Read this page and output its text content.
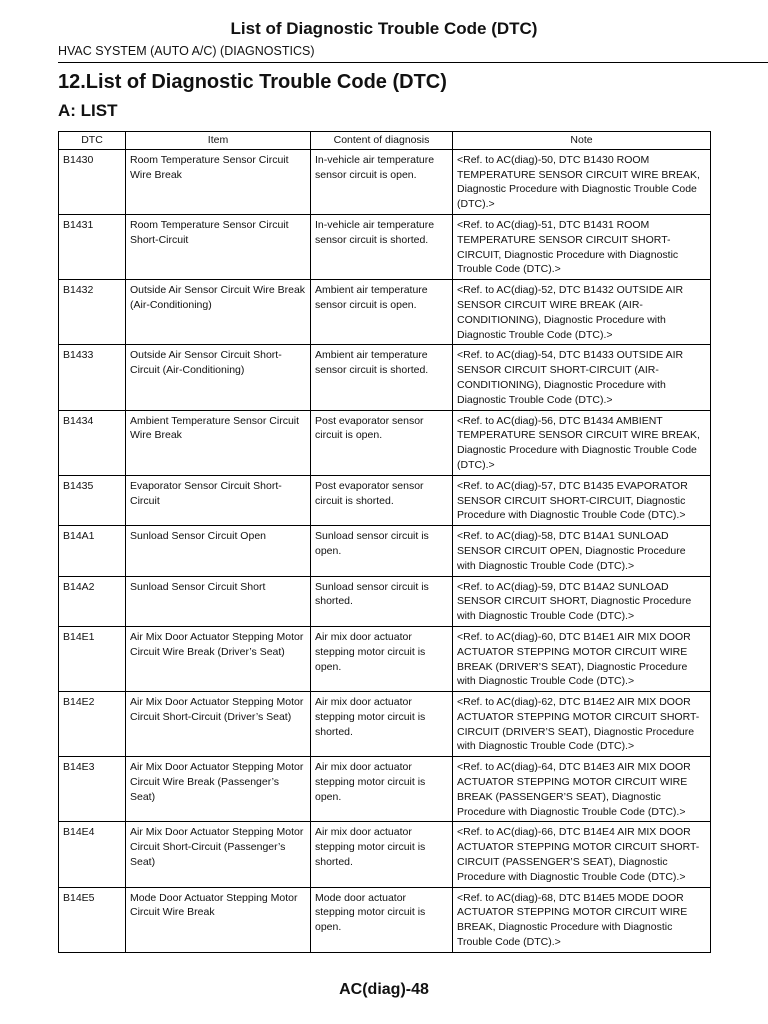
List of Diagnostic Trouble Code (DTC)
HVAC SYSTEM (AUTO A/C) (DIAGNOSTICS)
12.List of Diagnostic Trouble Code (DTC)
A: LIST
DTC	Item	Content of diagnosis	Note
B1430	Room Temperature Sensor Circuit Wire Break	In-vehicle air temperature sensor circuit is open.	<Ref. to AC(diag)-50, DTC B1430 ROOM TEMPERATURE SENSOR CIRCUIT WIRE BREAK, Diagnostic Procedure with Diagnostic Trouble Code (DTC).>
B1431	Room Temperature Sensor Circuit Short-Circuit	In-vehicle air temperature sensor circuit is shorted.	<Ref. to AC(diag)-51, DTC B1431 ROOM TEMPERATURE SENSOR CIRCUIT SHORT-CIRCUIT, Diagnostic Procedure with Diagnostic Trouble Code (DTC).>
B1432	Outside Air Sensor Circuit Wire Break (Air-Conditioning)	Ambient air temperature sensor circuit is open.	<Ref. to AC(diag)-52, DTC B1432 OUTSIDE AIR SENSOR CIRCUIT WIRE BREAK (AIR-CONDITIONING), Diagnostic Procedure with Diagnostic Trouble Code (DTC).>
B1433	Outside Air Sensor Circuit Short-Circuit (Air-Conditioning)	Ambient air temperature sensor circuit is shorted.	<Ref. to AC(diag)-54, DTC B1433 OUTSIDE AIR SENSOR CIRCUIT SHORT-CIRCUIT (AIR-CONDITIONING), Diagnostic Procedure with Diagnostic Trouble Code (DTC).>
B1434	Ambient Temperature Sensor Circuit Wire Break	Post evaporator sensor circuit is open.	<Ref. to AC(diag)-56, DTC B1434 AMBIENT TEMPERATURE SENSOR CIRCUIT WIRE BREAK, Diagnostic Procedure with Diagnostic Trouble Code (DTC).>
B1435	Evaporator Sensor Circuit Short-Circuit	Post evaporator sensor circuit is shorted.	<Ref. to AC(diag)-57, DTC B1435 EVAPORATOR SENSOR CIRCUIT SHORT-CIRCUIT, Diagnostic Procedure with Diagnostic Trouble Code (DTC).>
B14A1	Sunload Sensor Circuit Open	Sunload sensor circuit is open.	<Ref. to AC(diag)-58, DTC B14A1 SUNLOAD SENSOR CIRCUIT OPEN, Diagnostic Procedure with Diagnostic Trouble Code (DTC).>
B14A2	Sunload Sensor Circuit Short	Sunload sensor circuit is shorted.	<Ref. to AC(diag)-59, DTC B14A2 SUNLOAD SENSOR CIRCUIT SHORT, Diagnostic Procedure with Diagnostic Trouble Code (DTC).>
B14E1	Air Mix Door Actuator Stepping Motor Circuit Wire Break (Driver’s Seat)	Air mix door actuator stepping motor circuit is open.	<Ref. to AC(diag)-60, DTC B14E1 AIR MIX DOOR ACTUATOR STEPPING MOTOR CIRCUIT WIRE BREAK (DRIVER’S SEAT), Diagnostic Procedure with Diagnostic Trouble Code (DTC).>
B14E2	Air Mix Door Actuator Stepping Motor Circuit Short-Circuit (Driver’s Seat)	Air mix door actuator stepping motor circuit is shorted.	<Ref. to AC(diag)-62, DTC B14E2 AIR MIX DOOR ACTUATOR STEPPING MOTOR CIRCUIT SHORT-CIRCUIT (DRIVER’S SEAT), Diagnostic Procedure with Diagnostic Trouble Code (DTC).>
B14E3	Air Mix Door Actuator Stepping Motor Circuit Wire Break (Passenger’s Seat)	Air mix door actuator stepping motor circuit is open.	<Ref. to AC(diag)-64, DTC B14E3 AIR MIX DOOR ACTUATOR STEPPING MOTOR CIRCUIT WIRE BREAK (PASSENGER’S SEAT), Diagnostic Procedure with Diagnostic Trouble Code (DTC).>
B14E4	Air Mix Door Actuator Stepping Motor Circuit Short-Circuit (Passenger’s Seat)	Air mix door actuator stepping motor circuit is shorted.	<Ref. to AC(diag)-66, DTC B14E4 AIR MIX DOOR ACTUATOR STEPPING MOTOR CIRCUIT SHORT-CIRCUIT (PASSENGER’S SEAT), Diagnostic Procedure with Diagnostic Trouble Code (DTC).>
B14E5	Mode Door Actuator Stepping Motor Circuit Wire Break	Mode door actuator stepping motor circuit is open.	<Ref. to AC(diag)-68, DTC B14E5 MODE DOOR ACTUATOR STEPPING MOTOR CIRCUIT WIRE BREAK, Diagnostic Procedure with Diagnostic Trouble Code (DTC).>
AC(diag)-48
